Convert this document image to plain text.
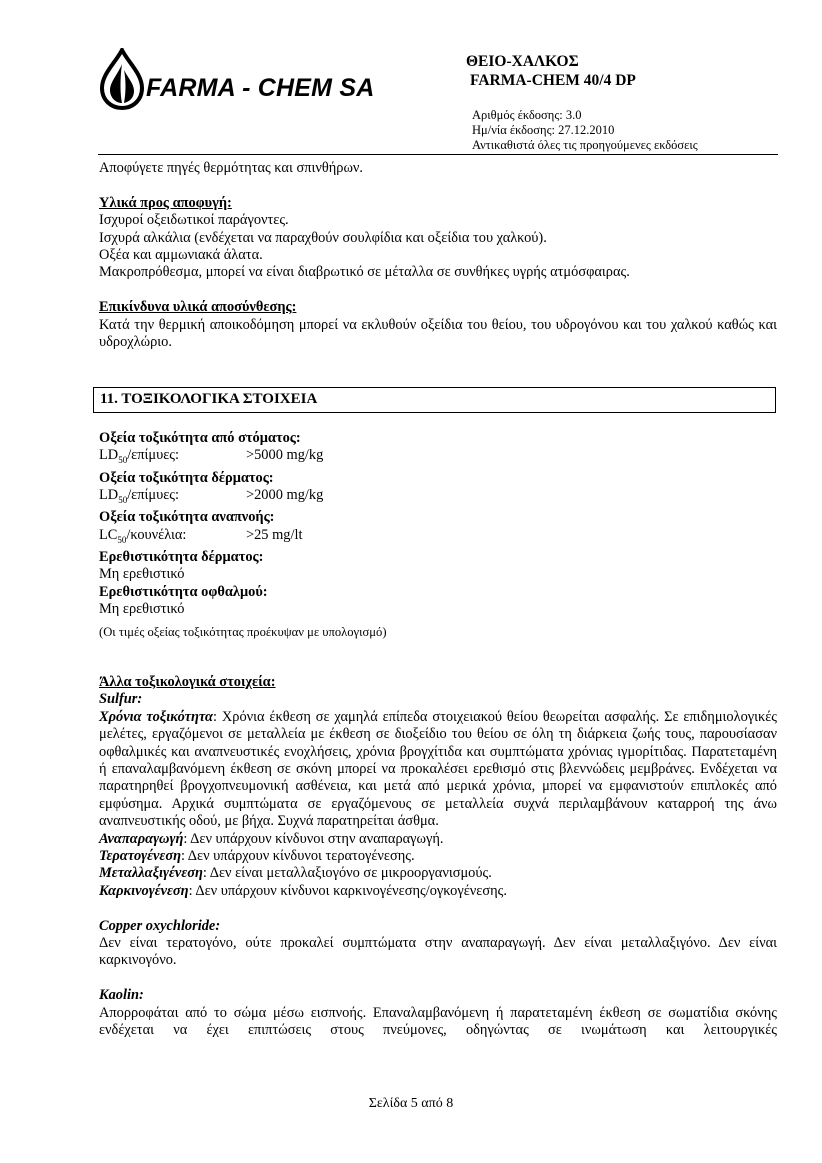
FARMA - CHEM SA
ΘΕΙΟ-ΧΑΛΚΟΣ
FARMA-CHEM 40/4 DP
Αριθμός έκδοσης: 3.0
Ημ/νία έκδοσης: 27.12.2010
Αντικαθιστά όλες τις προηγούμενες εκδόσεις

Αποφύγετε πηγές θερμότητας και σπινθήρων.

Υλικά προς αποφυγή:

Ισχυροί οξειδωτικοί παράγοντες.

Ισχυρά αλκάλια (ενδέχεται να παραχθούν σουλφίδια και οξείδια του χαλκού).

Οξέα και αμμωνιακά άλατα.

Μακροπρόθεσμα, μπορεί να είναι διαβρωτικό σε μέταλλα σε συνθήκες υγρής ατμόσφαιρας.

Επικίνδυνα υλικά αποσύνθεσης:

Κατά την θερμική αποικοδόμηση μπορεί να εκλυθούν οξείδια του θείου, του υδρογόνου και του χαλκού καθώς και υδροχλώριο.

11. ΤΟΞΙΚΟΛΟΓΙΚΑ ΣΤΟΙΧΕΙΑ

Οξεία τοξικότητα από στόματος:

$LD_{50}$/επίμυες:	>5000 mg/kg

Οξεία τοξικότητα δέρματος:

$LD_{50}$/επίμυες:	>2000 mg/kg

Οξεία τοξικότητα αναπνοής:

$LC_{50}$/κουνέλια:	>25 mg/lt

Ερεθιστικότητα δέρματος:

Μη ερεθιστικό

Ερεθιστικότητα οφθαλμού:

Μη ερεθιστικό

(Οι τιμές οξείας τοξικότητας προέκυψαν με υπολογισμό)

Άλλα τοξικολογικά στοιχεία:

Sulfur:

Χρόνια τοξικότητα: Χρόνια έκθεση σε χαμηλά επίπεδα στοιχειακού θείου θεωρείται ασφαλής. Σε επιδημιολογικές μελέτες, εργαζόμενοι σε μεταλλεία με έκθεση σε διοξείδιο του θείου σε όλη τη διάρκεια ζωής τους, παρουσίασαν οφθαλμικές και αναπνευστικές ενοχλήσεις, χρόνια βρογχίτιδα και συμπτώματα χρόνιας ιγμορίτιδας. Παρατεταμένη ή επαναλαμβανόμενη έκθεση σε σκόνη μπορεί να προκαλέσει ερεθισμό στις βλεννώδεις μεμβράνες. Ενδέχεται να παρατηρηθεί βρογχοπνευμονική ασθένεια, και μετά από μερικά χρόνια, μπορεί να εμφανιστούν επιπλοκές από εμφύσημα. Αρχικά συμπτώματα σε εργαζόμενους σε μεταλλεία συχνά περιλαμβάνουν καταρροή της άνω αναπνευστικής οδού, με βήχα. Συχνά παρατηρείται άσθμα.

Αναπαραγωγή: Δεν υπάρχουν κίνδυνοι στην αναπαραγωγή.

Τερατογένεση: Δεν υπάρχουν κίνδυνοι τερατογένεσης.

Μεταλλαξιγένεση: Δεν είναι μεταλλαξιογόνο σε μικροοργανισμούς.

Καρκινογένεση: Δεν υπάρχουν κίνδυνοι καρκινογένεσης/ογκογένεσης.

Copper oxychloride:

Δεν είναι τερατογόνο, ούτε προκαλεί συμπτώματα στην αναπαραγωγή. Δεν είναι μεταλλαξιγόνο. Δεν είναι καρκινογόνο.

Kaolin:

Απορροφάται από το σώμα μέσω εισπνοής. Επαναλαμβανόμενη ή παρατεταμένη έκθεση σε σωματίδια σκόνης ενδέχεται να έχει επιπτώσεις στους πνεύμονες, οδηγώντας σε ινωμάτωση και λειτουργικές

Σελίδα 5 από 8
